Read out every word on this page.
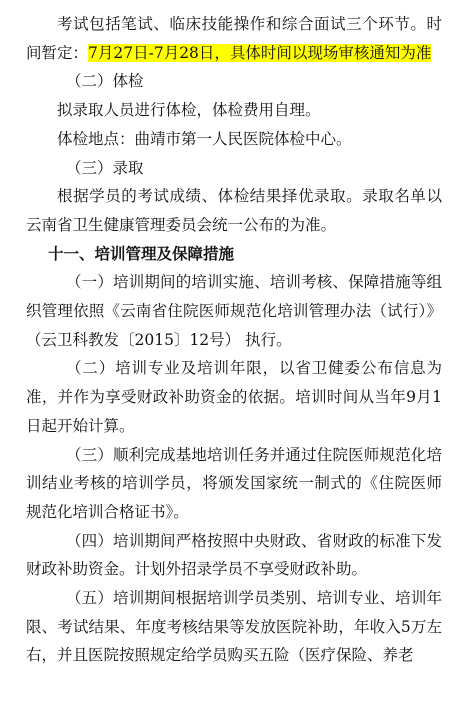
考试包括笔试、临床技能操作和综合面试三个环节。时间暂定：7月27日-7月28日，具体时间以现场审核通知为准

（二）体检

拟录取人员进行体检，体检费用自理。

体检地点：曲靖市第一人民医院体检中心。

（三）录取

根据学员的考试成绩、体检结果择优录取。录取名单以云南省卫生健康管理委员会统一公布的为准。

十一、培训管理及保障措施

（一）培训期间的培训实施、培训考核、保障措施等组织管理依照《云南省住院医师规范化培训管理办法（试行）》（云卫科教发〔2015〕12号） 执行。

（二）培训专业及培训年限，以省卫健委公布信息为准，并作为享受财政补助资金的依据。培训时间从当年9月1日起开始计算。

（三）顺利完成基地培训任务并通过住院医师规范化培训结业考核的培训学员，将颁发国家统一制式的《住院医师规范化培训合格证书》。

（四）培训期间严格按照中央财政、省财政的标准下发财政补助资金。计划外招录学员不享受财政补助。

（五）培训期间根据培训学员类别、培训专业、培训年限、考试结果、年度考核结果等发放医院补助，年收入5万左右，并且医院按照规定给学员购买五险（医疗保险、养老
